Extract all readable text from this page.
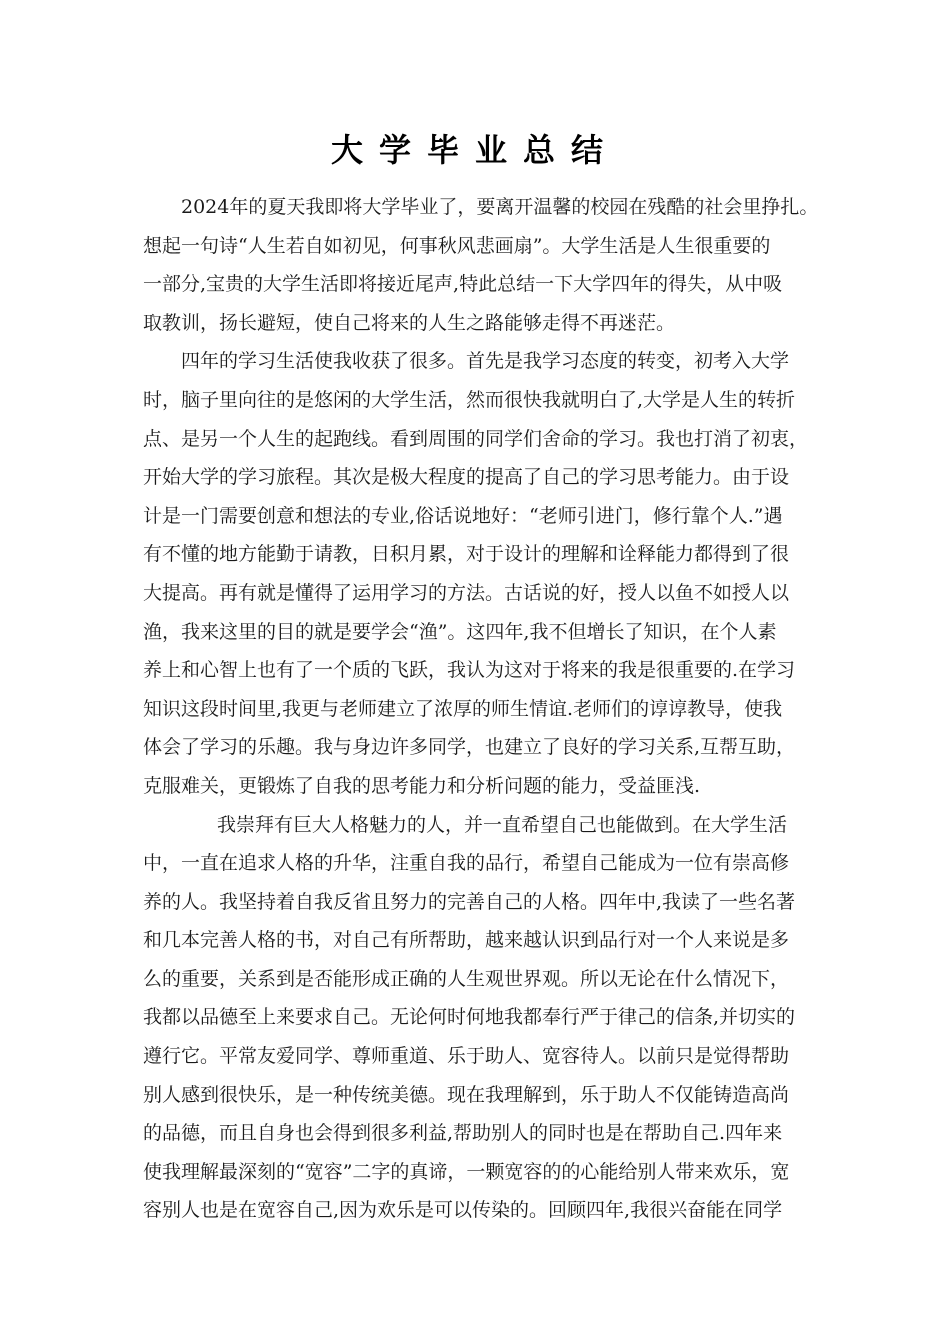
大学毕业总结
2024年的夏天我即将大学毕业了，要离开温馨的校园在残酷的社会里挣扎。
想起一句诗“人生若自如初见，何事秋风悲画扇”。大学生活是人生很重要的
一部分,宝贵的大学生活即将接近尾声,特此总结一下大学四年的得失，从中吸
取教训，扬长避短，使自己将来的人生之路能够走得不再迷茫。
四年的学习生活使我收获了很多。首先是我学习态度的转变，初考入大学
时，脑子里向往的是悠闲的大学生活，然而很快我就明白了,大学是人生的转折
点、是另一个人生的起跑线。看到周围的同学们舍命的学习。我也打消了初衷，
开始大学的学习旅程。其次是极大程度的提高了自己的学习思考能力。由于设
计是一门需要创意和想法的专业,俗话说地好：“老师引进门，修行靠个人.”遇
有不懂的地方能勤于请教，日积月累，对于设计的理解和诠释能力都得到了很
大提高。再有就是懂得了运用学习的方法。古话说的好，授人以鱼不如授人以
渔，我来这里的目的就是要学会“渔”。这四年,我不但增长了知识，在个人素
养上和心智上也有了一个质的飞跃，我认为这对于将来的我是很重要的.在学习
知识这段时间里,我更与老师建立了浓厚的师生情谊.老师们的谆谆教导，使我
体会了学习的乐趣。我与身边许多同学，也建立了良好的学习关系,互帮互助，
克服难关，更锻炼了自我的思考能力和分析问题的能力，受益匪浅.
我崇拜有巨大人格魅力的人，并一直希望自己也能做到。在大学生活
中，一直在追求人格的升华，注重自我的品行，希望自己能成为一位有崇高修
养的人。我坚持着自我反省且努力的完善自己的人格。四年中,我读了一些名著
和几本完善人格的书，对自己有所帮助，越来越认识到品行对一个人来说是多
么的重要，关系到是否能形成正确的人生观世界观。所以无论在什么情况下，
我都以品德至上来要求自己。无论何时何地我都奉行严于律己的信条,并切实的
遵行它。平常友爱同学、尊师重道、乐于助人、宽容待人。以前只是觉得帮助
别人感到很快乐，是一种传统美德。现在我理解到，乐于助人不仅能铸造高尚
的品德，而且自身也会得到很多利益,帮助别人的同时也是在帮助自己.四年来
使我理解最深刻的“宽容”二字的真谛，一颗宽容的的心能给别人带来欢乐，宽
容别人也是在宽容自己,因为欢乐是可以传染的。回顾四年,我很兴奋能在同学
